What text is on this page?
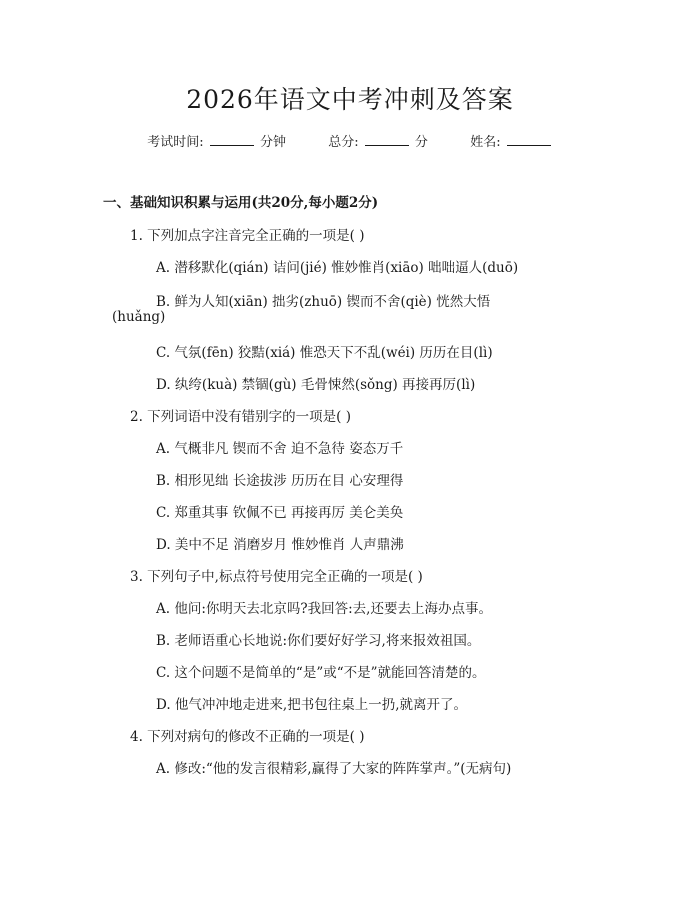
2026年语文中考冲刺及答案
考试时间:	分钟	总分:	分	姓名:
一、基础知识积累与运用(共20分,每小题2分)
1. 下列加点字注音完全正确的一项是( )
A. 潜移默化(qián) 诘问(jié) 惟妙惟肖(xiāo) 咄咄逼人(duō)
B. 鲜为人知(xiān) 拙劣(zhuō) 锲而不舍(qiè) 恍然大悟
(huǎng)
C. 气氛(fēn) 狡黠(xiá) 惟恐天下不乱(wéi) 历历在目(lì)
D. 纨绔(kuà) 禁锢(gù) 毛骨悚然(sǒng) 再接再厉(lì)
2. 下列词语中没有错别字的一项是( )
A. 气概非凡 锲而不舍 迫不急待 姿态万千
B. 相形见绌 长途拔涉 历历在目 心安理得
C. 郑重其事 钦佩不已 再接再厉 美仑美奂
D. 美中不足 消磨岁月 惟妙惟肖 人声鼎沸
3. 下列句子中,标点符号使用完全正确的一项是( )
A. 他问:你明天去北京吗?我回答:去,还要去上海办点事。
B. 老师语重心长地说:你们要好好学习,将来报效祖国。
C. 这个问题不是简单的“是”或“不是”就能回答清楚的。
D. 他气冲冲地走进来,把书包往桌上一扔,就离开了。
4. 下列对病句的修改不正确的一项是( )
A. 修改:“他的发言很精彩,赢得了大家的阵阵掌声。”(无病句)
